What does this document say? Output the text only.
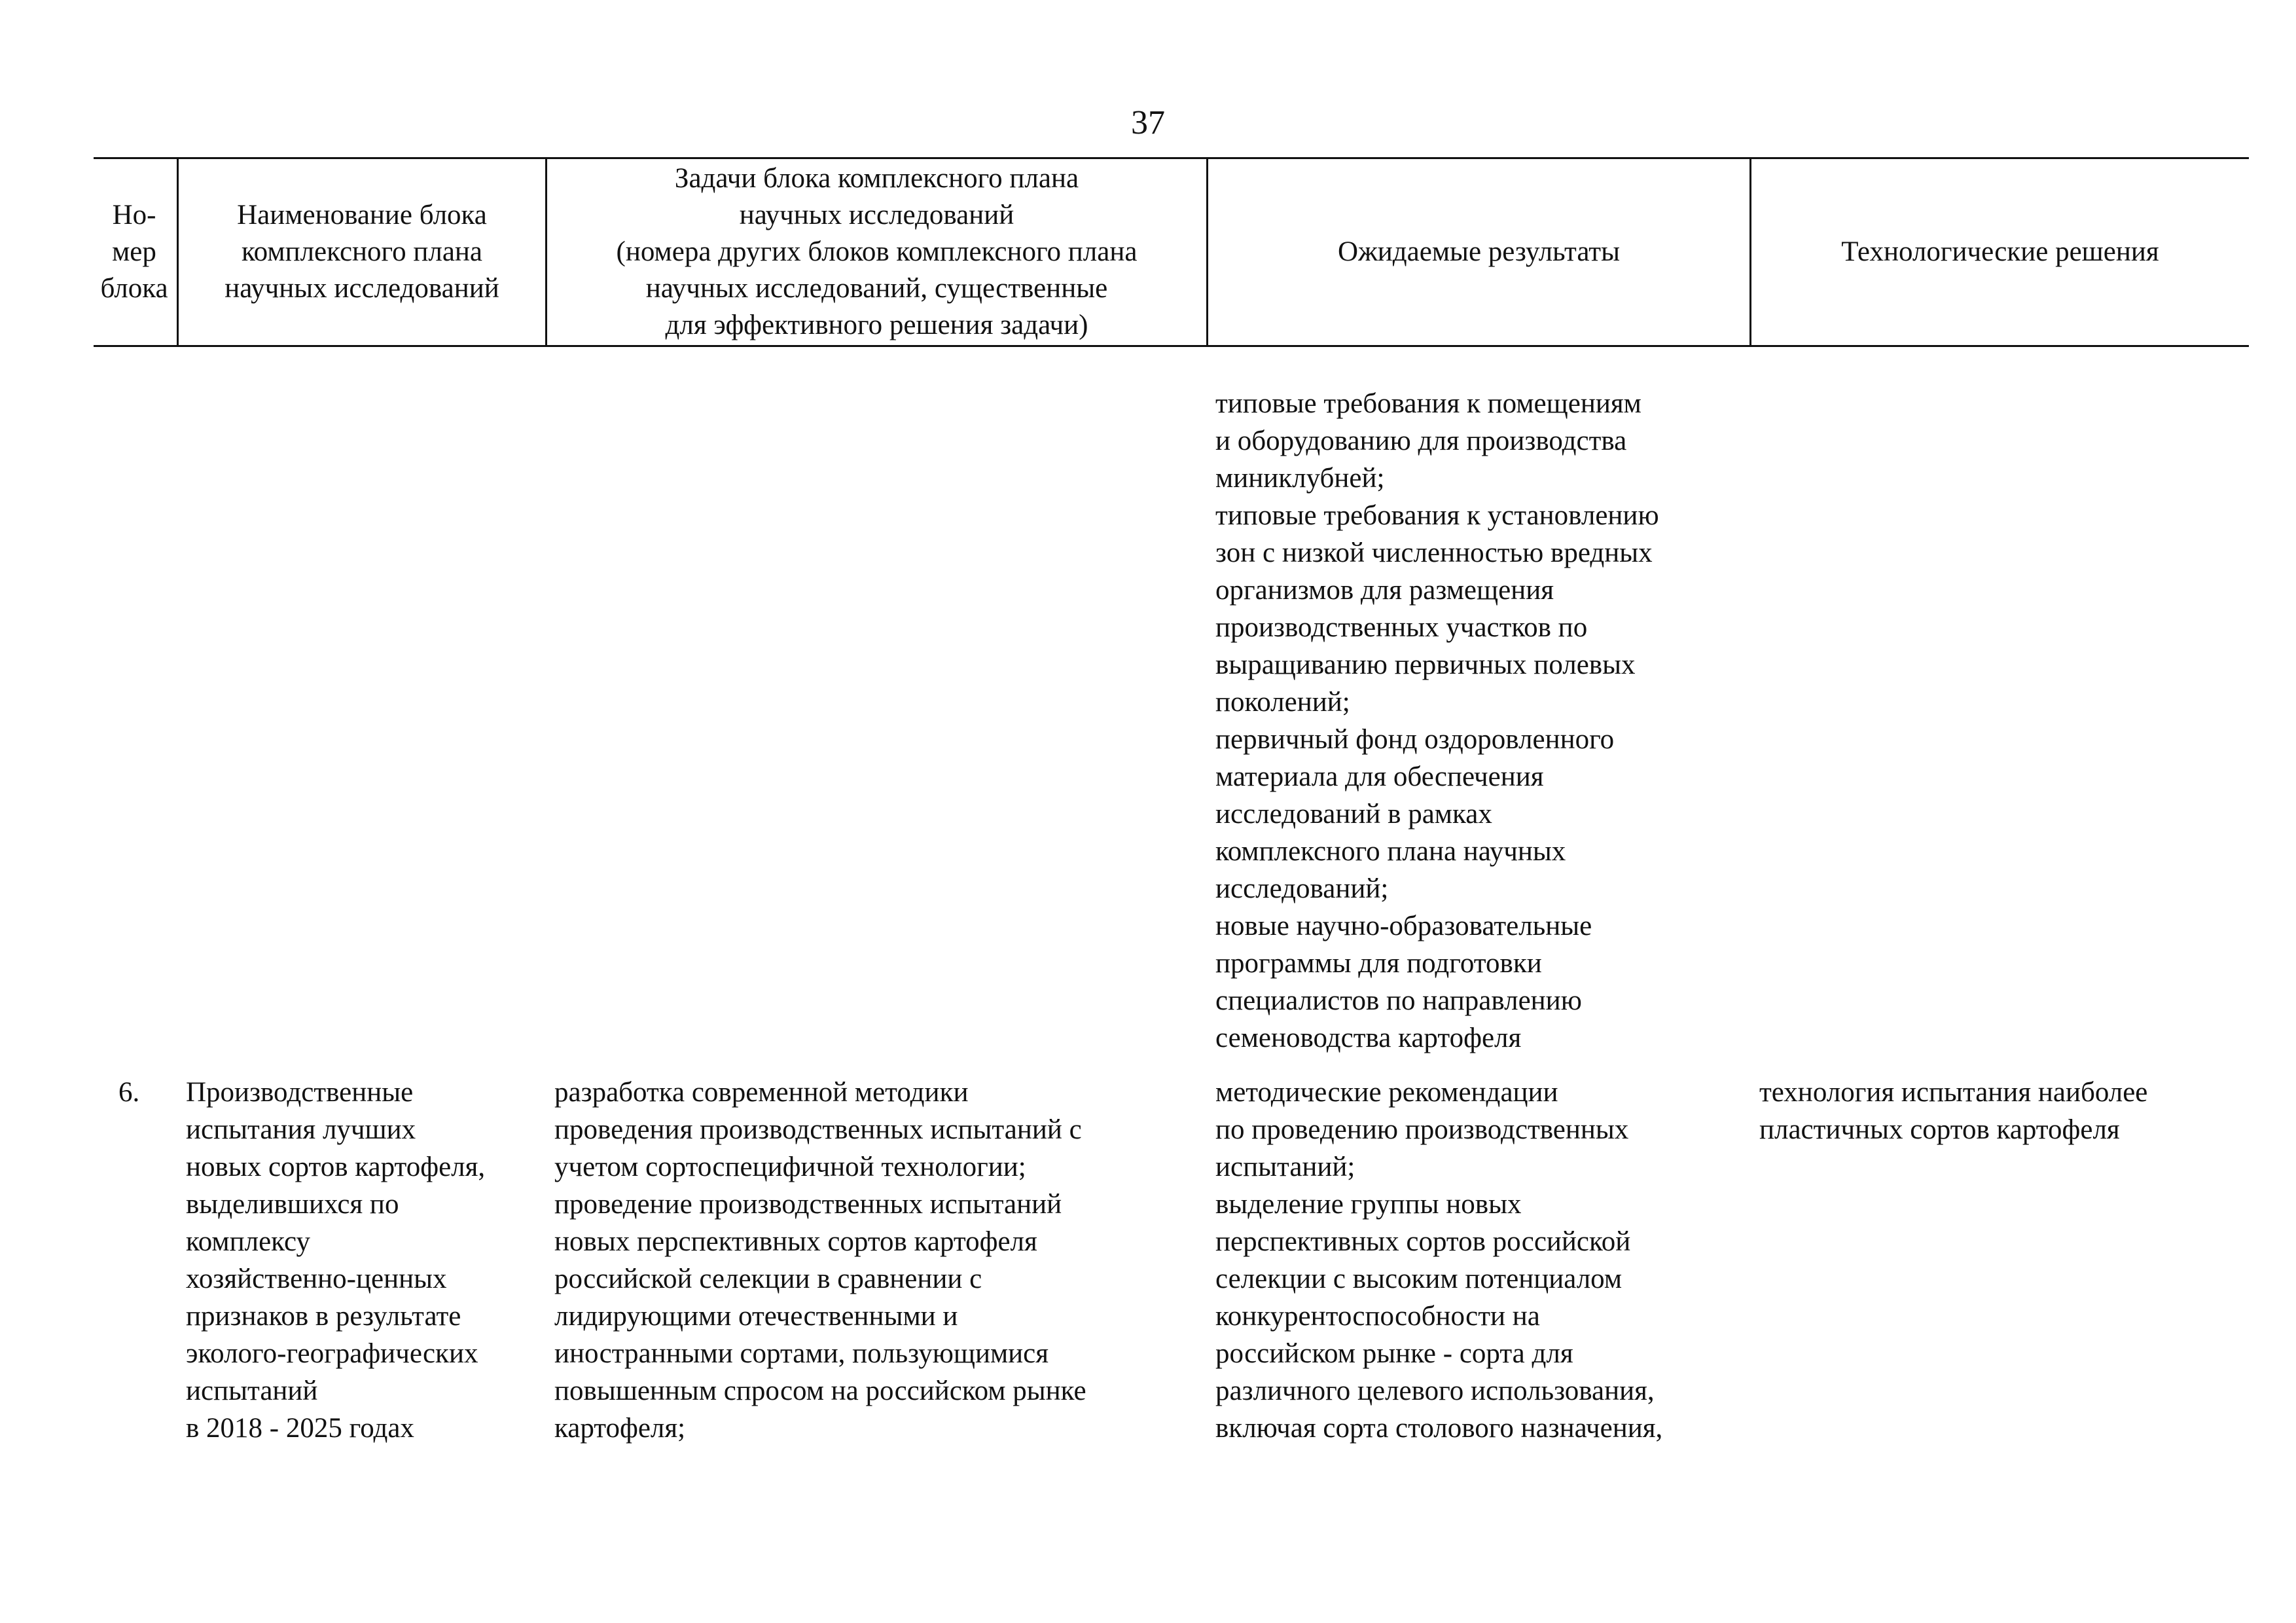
37
Но-
мер
блока
Наименование блока
комплексного плана
научных исследований
Задачи блока комплексного плана
научных исследований
(номера других блоков комплексного плана
научных исследований, существенные
для эффективного решения задачи)
Ожидаемые результаты	Технологические решения
типовые требования к помещениям
и оборудованию для производства
миниклубней;
типовые требования к установлению
зон с низкой численностью вредных
организмов для размещения
производственных участков по
выращиванию первичных полевых
поколений;
первичный фонд оздоровленного
материала для обеспечения
исследований в рамках
комплексного плана научных
исследований;
новые научно-образовательные
программы для подготовки
специалистов по направлению
семеноводства картофеля
6.	Производственные
испытания лучших
новых сортов картофеля,
выделившихся по
комплексу
хозяйственно-ценных
признаков в результате
эколого-географических
испытаний
в 2018 - 2025 годах
разработка современной методики
проведения производственных испытаний с
учетом сортоспецифичной технологии;
проведение производственных испытаний
новых перспективных сортов картофеля
российской селекции в сравнении с
лидирующими отечественными и
иностранными сортами, пользующимися
повышенным спросом на российском рынке
картофеля;
методические рекомендации
по проведению производственных
испытаний;
выделение группы новых
перспективных сортов российской
селекции с высоким потенциалом
конкурентоспособности на
российском рынке - сорта для
различного целевого использования,
включая сорта столового назначения,
технология испытания наиболее
пластичных сортов картофеля
